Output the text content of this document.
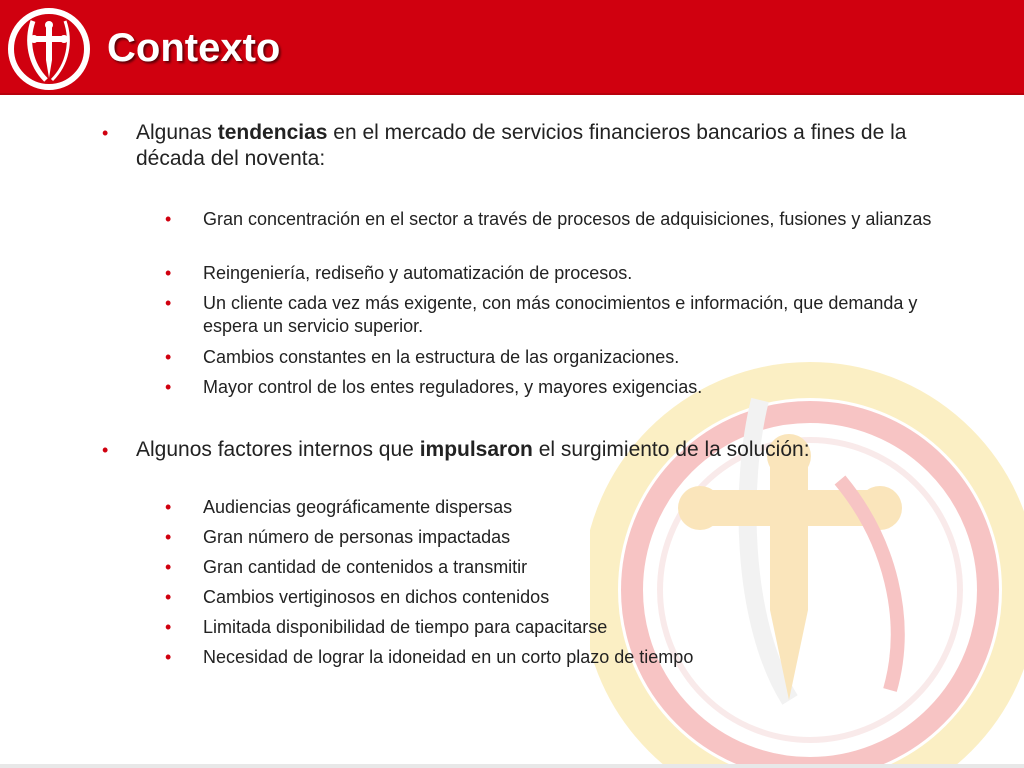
Contexto
• Algunas tendencias en el mercado de servicios financieros bancarios a fines de la década del noventa:
• Gran concentración en el sector a través de procesos de adquisiciones, fusiones y alianzas
• Reingeniería, rediseño y automatización de procesos.
• Un cliente cada vez más exigente, con más conocimientos e información, que demanda y espera un servicio superior.
• Cambios constantes en la estructura de las organizaciones.
• Mayor control de los entes reguladores, y mayores exigencias.
• Algunos factores internos que impulsaron el surgimiento de la solución:
• Audiencias geográficamente dispersas
• Gran número de personas impactadas
• Gran cantidad de contenidos a transmitir
• Cambios vertiginosos en dichos contenidos
• Limitada disponibilidad de tiempo para capacitarse
• Necesidad de lograr la idoneidad en un corto plazo de tiempo
